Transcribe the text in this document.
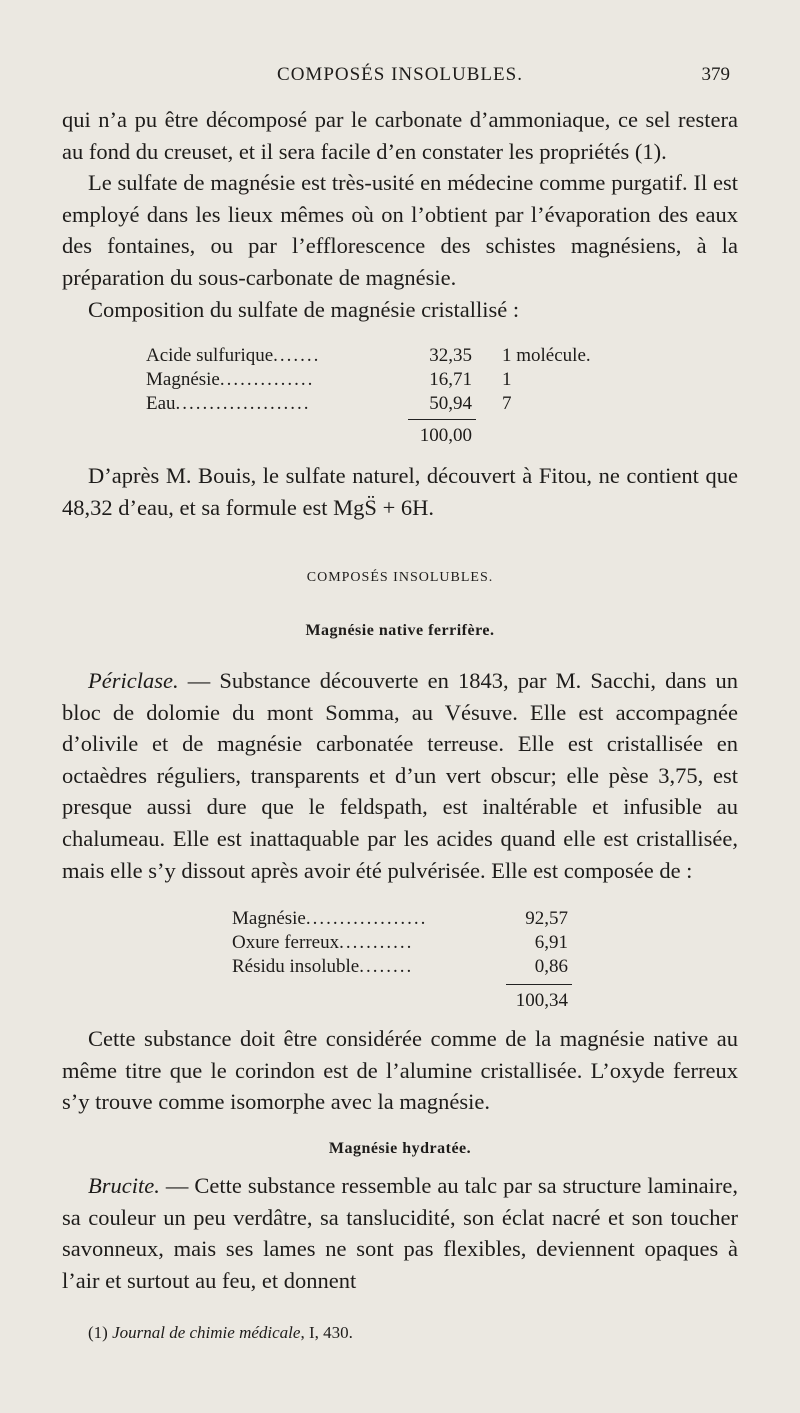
COMPOSÉS INSOLUBLES.	379

qui n’a pu être décomposé par le carbonate d’ammoniaque, ce sel restera au fond du creuset, et il sera facile d’en constater les propriétés (1).

Le sulfate de magnésie est très-usité en médecine comme purgatif. Il est employé dans les lieux mêmes où on l’obtient par l’évaporation des eaux des fontaines, ou par l’efflorescence des schistes magnésiens, à la préparation du sous-carbonate de magnésie.

Composition du sulfate de magnésie cristallisé :

Acide sulfurique.......	32,35 1 molécule.
Magnésie..............	16,71 1
Eau....................	50,94 7
100,00

D’après M. Bouis, le sulfate naturel, découvert à Fitou, ne contient que 48,32 d’eau, et sa formule est MgS̈ + 6H.

COMPOSÉS INSOLUBLES.
Magnésie native ferrifère.

Périclase. — Substance découverte en 1843, par M. Sacchi, dans un bloc de dolomie du mont Somma, au Vésuve. Elle est accompagnée d’olivile et de magnésie carbonatée terreuse. Elle est cristallisée en octaèdres réguliers, transparents et d’un vert obscur; elle pèse 3,75, est presque aussi dure que le feldspath, est inaltérable et infusible au chalumeau. Elle est inattaquable par les acides quand elle est cristallisée, mais elle s’y dissout après avoir été pulvérisée. Elle est composée de :

Magnésie..................	92,57
Oxure ferreux...........	6,91
Résidu insoluble........	0,86
100,34

Cette substance doit être considérée comme de la magnésie native au même titre que le corindon est de l’alumine cristallisée. L’oxyde ferreux s’y trouve comme isomorphe avec la magnésie.

Magnésie hydratée.

Brucite. — Cette substance ressemble au talc par sa structure laminaire, sa couleur un peu verdâtre, sa tanslucidité, son éclat nacré et son toucher savonneux, mais ses lames ne sont pas flexibles, deviennent opaques à l’air et surtout au feu, et donnent

(1) Journal de chimie médicale, I, 430.
